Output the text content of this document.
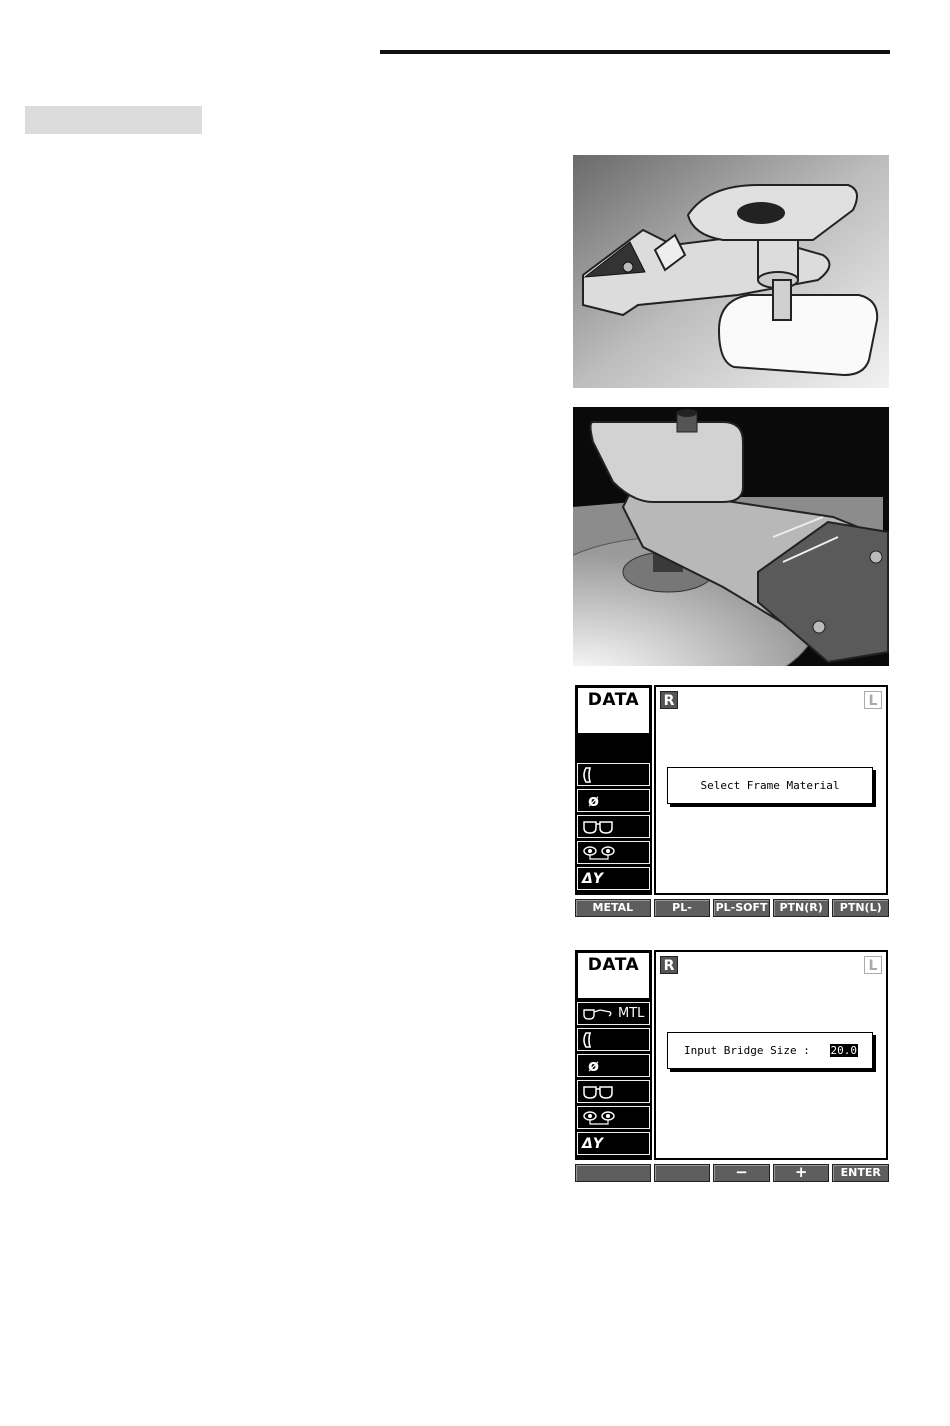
DATA
ø
ΔY
R	L
Select Frame Material
METAL	PL-HARD
PL-SOFT	PTN(R)	PTN(L)
DATA
MTL
ø
ΔY
R	L
Input Bridge Size : 20.0
−	+	ENTER
